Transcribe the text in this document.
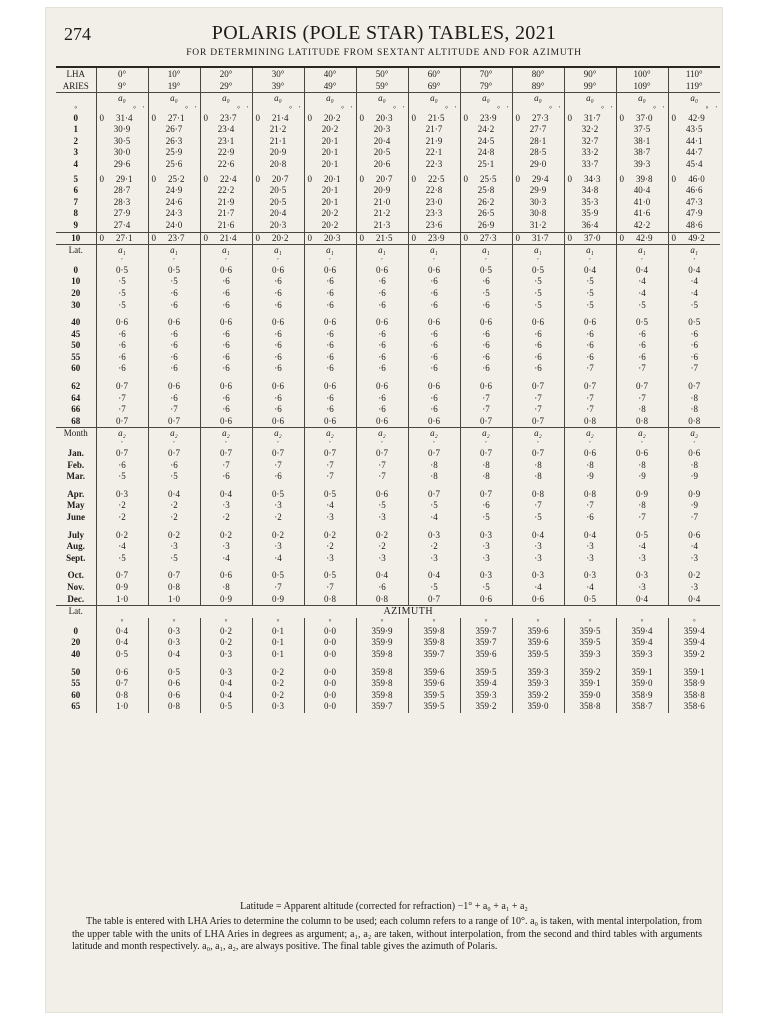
274	POLARIS (POLE STAR) TABLES, 2021
FOR DETERMINING LATITUDE FROM SEXTANT ALTITUDE AND FOR AZIMUTH
LHA	0°	10°	20°	30°	40°	50°	60°	70°	80°	90°	100°	110°
ARIES	9°	19°	29°	39°	49°	59°	69°	79°	89°	99°	109°	119°
	a₀	a₀	a₀	a₀	a₀	a₀	a₀	a₀	a₀	a₀	a₀	a₀
°	°  ′	°  ′	°  ′	°  ′	°  ′	°  ′	°  ′	°  ′	°  ′	°  ′	°  ′	°  ′
0	0 31·4	0 27·1	0 23·7	0 21·4	0 20·2	0 20·3	0 21·5	0 23·9	0 27·3	0 31·7	0 37·0	0 42·9
1	30·9	26·7	23·4	21·2	20·2	20·3	21·7	24·2	27·7	32·2	37·5	43·5
2	30·5	26·3	23·1	21·1	20·1	20·4	21·9	24·5	28·1	32·7	38·1	44·1
3	30·0	25·9	22·9	20·9	20·1	20·5	22·1	24·8	28·5	33·2	38·7	44·7
4	29·6	25·6	22·6	20·8	20·1	20·6	22·3	25·1	29·0	33·7	39·3	45·4

5	0 29·1	0 25·2	0 22·4	0 20·7	0 20·1	0 20·7	0 22·5	0 25·5	0 29·4	0 34·3	0 39·8	0 46·0
6	28·7	24·9	22·2	20·5	20·1	20·9	22·8	25·8	29·9	34·8	40·4	46·6
7	28·3	24·6	21·9	20·5	20·1	21·0	23·0	26·2	30·3	35·3	41·0	47·3
8	27·9	24·3	21·7	20·4	20·2	21·2	23·3	26·5	30·8	35·9	41·6	47·9
9	27·4	24·0	21·6	20·3	20·2	21·3	23·6	26·9	31·2	36·4	42·2	48·6
10	0 27·1	0 23·7	0 21·4	0 20·2	0 20·3	0 21·5	0 23·9	0 27·3	0 31·7	0 37·0	0 42·9	0 49·2
Lat.	a₁	a₁	a₁	a₁	a₁	a₁	a₁	a₁	a₁	a₁	a₁	a₁
	′	′	′	′	′	′	′	′	′	′	′	′
0	0·5	0·5	0·6	0·6	0·6	0·6	0·6	0·5	0·5	0·4	0·4	0·4
10	·5	·5	·6	·6	·6	·6	·6	·6	·5	·5	·4	·4
20	·5	·6	·6	·6	·6	·6	·6	·5	·5	·5	·4	·4
30	·5	·6	·6	·6	·6	·6	·6	·6	·5	·5	·5	·5

40	0·6	0·6	0·6	0·6	0·6	0·6	0·6	0·6	0·6	0·6	0·5	0·5
45	·6	·6	·6	·6	·6	·6	·6	·6	·6	·6	·6	·6
50	·6	·6	·6	·6	·6	·6	·6	·6	·6	·6	·6	·6
55	·6	·6	·6	·6	·6	·6	·6	·6	·6	·6	·6	·6
60	·6	·6	·6	·6	·6	·6	·6	·6	·6	·7	·7	·7

62	0·7	0·6	0·6	0·6	0·6	0·6	0·6	0·6	0·7	0·7	0·7	0·7
64	·7	·6	·6	·6	·6	·6	·6	·7	·7	·7	·7	·8
66	·7	·7	·6	·6	·6	·6	·6	·7	·7	·7	·8	·8
68	0·7	0·7	0·6	0·6	0·6	0·6	0·6	0·7	0·7	0·8	0·8	0·8
Month	a₂	a₂	a₂	a₂	a₂	a₂	a₂	a₂	a₂	a₂	a₂	a₂
	′	′	′	′	′	′	′	′	′	′	′	′
Jan.	0·7	0·7	0·7	0·7	0·7	0·7	0·7	0·7	0·7	0·6	0·6	0·6
Feb.	·6	·6	·7	·7	·7	·7	·8	·8	·8	·8	·8	·8
Mar.	·5	·5	·6	·6	·7	·7	·8	·8	·8	·9	·9	·9

Apr.	0·3	0·4	0·4	0·5	0·5	0·6	0·7	0·7	0·8	0·8	0·9	0·9
May	·2	·2	·3	·3	·4	·5	·5	·6	·7	·7	·8	·9
June	·2	·2	·2	·2	·3	·3	·4	·5	·5	·6	·7	·7

July	0·2	0·2	0·2	0·2	0·2	0·2	0·3	0·3	0·4	0·4	0·5	0·6
Aug.	·4	·3	·3	·3	·2	·2	·2	·3	·3	·3	·4	·4
Sept.	·5	·5	·4	·4	·3	·3	·3	·3	·3	·3	·3	·3

Oct.	0·7	0·7	0·6	0·5	0·5	0·4	0·4	0·3	0·3	0·3	0·3	0·2
Nov.	0·9	0·8	·8	·7	·7	·6	·5	·5	·4	·4	·3	·3
Dec.	1·0	1·0	0·9	0·9	0·8	0·8	0·7	0·6	0·6	0·5	0·4	0·4
Lat.	AZIMUTH											
	°	°	°	°	°	°	°	°	°	°	°	°
0	0·4	0·3	0·2	0·1	0·0	359·9	359·8	359·7	359·6	359·5	359·4	359·4
20	0·4	0·3	0·2	0·1	0·0	359·9	359·8	359·7	359·6	359·5	359·4	359·4
40	0·5	0·4	0·3	0·1	0·0	359·8	359·7	359·6	359·5	359·3	359·3	359·2

50	0·6	0·5	0·3	0·2	0·0	359·8	359·6	359·5	359·3	359·2	359·1	359·1
55	0·7	0·6	0·4	0·2	0·0	359·8	359·6	359·4	359·3	359·1	359·0	358·9
60	0·8	0·6	0·4	0·2	0·0	359·8	359·5	359·3	359·2	359·0	358·9	358·8
65	1·0	0·8	0·5	0·3	0·0	359·7	359·5	359·2	359·0	358·8	358·7	358·6
Latitude = Apparent altitude (corrected for refraction) −1° + a₀ + a₁ + a₂
The table is entered with LHA Aries to determine the column to be used; each column refers to a range of 10°. a₀ is taken, with mental interpolation, from the upper table with the units of LHA Aries in degrees as argument; a₁, a₂ are taken, without interpolation, from the second and third tables with arguments latitude and month respectively. a₀, a₁, a₂, are always positive. The final table gives the azimuth of Polaris.
